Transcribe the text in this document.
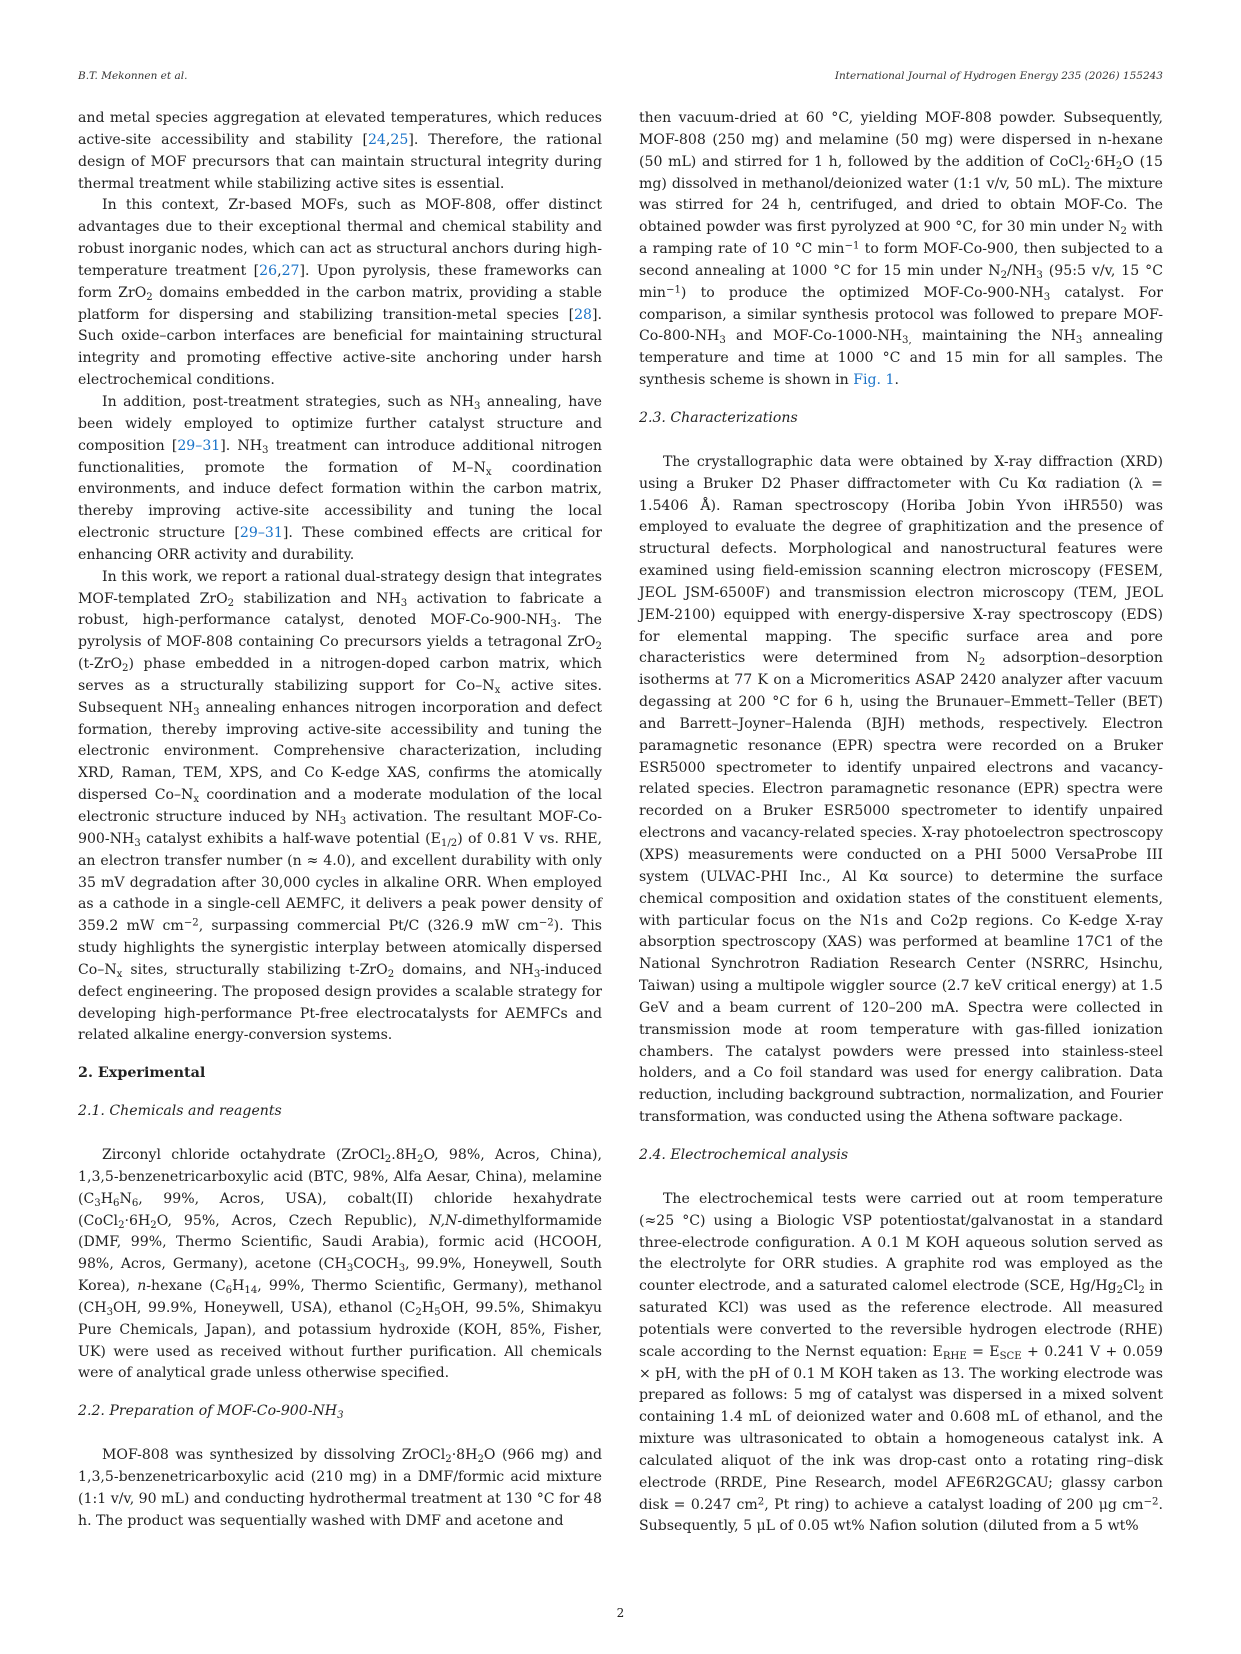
B.T. Mekonnen et al.	International Journal of Hydrogen Energy 235 (2026) 155243

and metal species aggregation at elevated temperatures, which reduces active-site accessibility and stability [24,25]. Therefore, the rational design of MOF precursors that can maintain structural integrity during thermal treatment while stabilizing active sites is essential.

In this context, Zr-based MOFs, such as MOF-808, offer distinct advantages due to their exceptional thermal and chemical stability and robust inorganic nodes, which can act as structural anchors during high-temperature treatment [26,27]. Upon pyrolysis, these frameworks can form ZrO$_2$ domains embedded in the carbon matrix, providing a stable platform for dispersing and stabilizing transition-metal species [28]. Such oxide–carbon interfaces are beneficial for maintaining structural integrity and promoting effective active-site anchoring under harsh electrochemical conditions.

In addition, post-treatment strategies, such as $NH_3$ annealing, have been widely employed to optimize further catalyst structure and composition [29–31]. $NH_3$ treatment can introduce additional nitrogen functionalities, promote the formation of $M-N_x$ coordination environments, and induce defect formation within the carbon matrix, thereby improving active-site accessibility and tuning the local electronic structure [29–31]. These combined effects are critical for enhancing ORR activity and durability.

In this work, we report a rational dual-strategy design that integrates MOF-templated ZrO$_2$ stabilization and $NH_3$ activation to fabricate a robust, high-performance catalyst, denoted MOF-$Co-900-NH_3$. The pyrolysis of MOF-808 containing Co precursors yields a tetragonal ZrO$_2$ (t-ZrO$_2$) phase embedded in a nitrogen-doped carbon matrix, which serves as a structurally stabilizing support for $Co-N_x$ active sites. Subsequent $NH_3$ annealing enhances nitrogen incorporation and defect formation, thereby improving active-site accessibility and tuning the electronic environment. Comprehensive characterization, including XRD, Raman, TEM, XPS, and Co K-edge XAS, confirms the atomically dispersed $Co-N_x$ coordination and a moderate modulation of the local electronic structure induced by $NH_3$ activation. The resultant MOF-$Co-900-NH_3$ catalyst exhibits a half-wave potential $(E_{1/2})$ of 0.81 V vs. RHE, an electron transfer number (n ≈ 4.0), and excellent durability with only 35 mV degradation after 30,000 cycles in alkaline ORR. When employed as a cathode in a single-cell AEMFC, it delivers a peak power density of 359.2 mW $cm^{-2}$, surpassing commercial Pt/C (326.9 mW $cm^{-2}$). This study highlights the synergistic interplay between atomically dispersed $Co-N_x$ sites, structurally stabilizing t-ZrO$_2$ domains, and $NH_3$-induced defect engineering. The proposed design provides a scalable strategy for developing high-performance Pt-free electrocatalysts for AEMFCs and related alkaline energy-conversion systems.

2. Experimental

2.1. Chemicals and reagents

Zirconyl chloride octahydrate ($ZrOCl_2.8H_2O$, 98%, Acros, China), 1,3,5-benzenetricarboxylic acid (BTC, 98%, Alfa Aesar, China), melamine ($C_3H_6N_6$, 99%, Acros, USA), cobalt(II) chloride hexahydrate ($CoCl_2\cdot 6H_2O$, 95%, Acros, Czech Republic), N,N-dimethylformamide (DMF, 99%, Thermo Scientific, Saudi Arabia), formic acid (HCOOH, 98%, Acros, Germany), acetone ($CH_3COCH_3$, 99.9%, Honeywell, South Korea), n-hexane ($C_6H_{14}$, 99%, Thermo Scientific, Germany), methanol ($CH_3OH$, 99.9%, Honeywell, USA), ethanol ($C_2H_5OH$, 99.5%, Shimakyu Pure Chemicals, Japan), and potassium hydroxide (KOH, 85%, Fisher, UK) were used as received without further purification. All chemicals were of analytical grade unless otherwise specified.

2.2. Preparation of MOF-$Co-900-NH_3$

MOF-808 was synthesized by dissolving $ZrOCl_2\cdot 8H_2O$ (966 mg) and 1,3,5-benzenetricarboxylic acid (210 mg) in a DMF/formic acid mixture (1:1 v/v, 90 mL) and conducting hydrothermal treatment at 130 °C for 48 h. The product was sequentially washed with DMF and acetone and

then vacuum-dried at 60 °C, yielding MOF-808 powder. Subsequently, MOF-808 (250 mg) and melamine (50 mg) were dispersed in n-hexane (50 mL) and stirred for 1 h, followed by the addition of $CoCl_2\cdot 6H_2O$ (15 mg) dissolved in methanol/deionized water (1:1 v/v, 50 mL). The mixture was stirred for 24 h, centrifuged, and dried to obtain MOF-Co. The obtained powder was first pyrolyzed at 900 °C, for 30 min under $N_2$ with a ramping rate of 10 °C $\min^{-1}$ to form MOF-Co-900, then subjected to a second annealing at 1000 °C for 15 min under $N_2/NH_3$ (95:5 v/v, 15 °C $\min^{-1}$) to produce the optimized MOF-$Co-900-NH_3$ catalyst. For comparison, a similar synthesis protocol was followed to prepare MOF-$Co-800-NH_3$ and MOF-$Co-1000-NH_{3,}$ maintaining the $NH_3$ annealing temperature and time at 1000 °C and 15 min for all samples. The synthesis scheme is shown in Fig. 1.

2.3. Characterizations

The crystallographic data were obtained by X-ray diffraction (XRD) using a Bruker D2 Phaser diffractometer with Cu Kα radiation (λ = 1.5406 Å). Raman spectroscopy (Horiba Jobin Yvon iHR550) was employed to evaluate the degree of graphitization and the presence of structural defects. Morphological and nanostructural features were examined using field-emission scanning electron microscopy (FESEM, JEOL JSM-6500F) and transmission electron microscopy (TEM, JEOL JEM-2100) equipped with energy-dispersive X-ray spectroscopy (EDS) for elemental mapping. The specific surface area and pore characteristics were determined from $N_2$ adsorption–desorption isotherms at 77 K on a Micromeritics ASAP 2420 analyzer after vacuum degassing at 200 °C for 6 h, using the Brunauer–Emmett–Teller (BET) and Barrett–Joyner–Halenda (BJH) methods, respectively. Electron paramagnetic resonance (EPR) spectra were recorded on a Bruker ESR5000 spectrometer to identify unpaired electrons and vacancy-related species. Electron paramagnetic resonance (EPR) spectra were recorded on a Bruker ESR5000 spectrometer to identify unpaired electrons and vacancy-related species. X-ray photoelectron spectroscopy (XPS) measurements were conducted on a PHI 5000 VersaProbe III system (ULVAC-PHI Inc., Al Kα source) to determine the surface chemical composition and oxidation states of the constituent elements, with particular focus on the N1s and Co2p regions. Co K-edge X-ray absorption spectroscopy (XAS) was performed at beamline 17C1 of the National Synchrotron Radiation Research Center (NSRRC, Hsinchu, Taiwan) using a multipole wiggler source (2.7 keV critical energy) at 1.5 GeV and a beam current of 120–200 mA. Spectra were collected in transmission mode at room temperature with gas-filled ionization chambers. The catalyst powders were pressed into stainless-steel holders, and a Co foil standard was used for energy calibration. Data reduction, including background subtraction, normalization, and Fourier transformation, was conducted using the Athena software package.

2.4. Electrochemical analysis

The electrochemical tests were carried out at room temperature (≈25 °C) using a Biologic VSP potentiostat/galvanostat in a standard three-electrode configuration. A 0.1 M KOH aqueous solution served as the electrolyte for ORR studies. A graphite rod was employed as the counter electrode, and a saturated calomel electrode (SCE, $Hg/Hg_2Cl_2$ in saturated KCl) was used as the reference electrode. All measured potentials were converted to the reversible hydrogen electrode (RHE) scale according to the Nernst equation: $E_{RHE} = E_{SCE} + 0.241$ V + 0.059 × pH, with the pH of 0.1 M KOH taken as 13. The working electrode was prepared as follows: 5 mg of catalyst was dispersed in a mixed solvent containing 1.4 mL of deionized water and 0.608 mL of ethanol, and the mixture was ultrasonicated to obtain a homogeneous catalyst ink. A calculated aliquot of the ink was drop-cast onto a rotating ring–disk electrode (RRDE, Pine Research, model AFE6R2GCAU; glassy carbon disk = 0.247 $cm^2$, Pt ring) to achieve a catalyst loading of 200 μg $cm^{-2}$. Subsequently, 5 μL of 0.05 wt% Nafion solution (diluted from a 5 wt%

2
